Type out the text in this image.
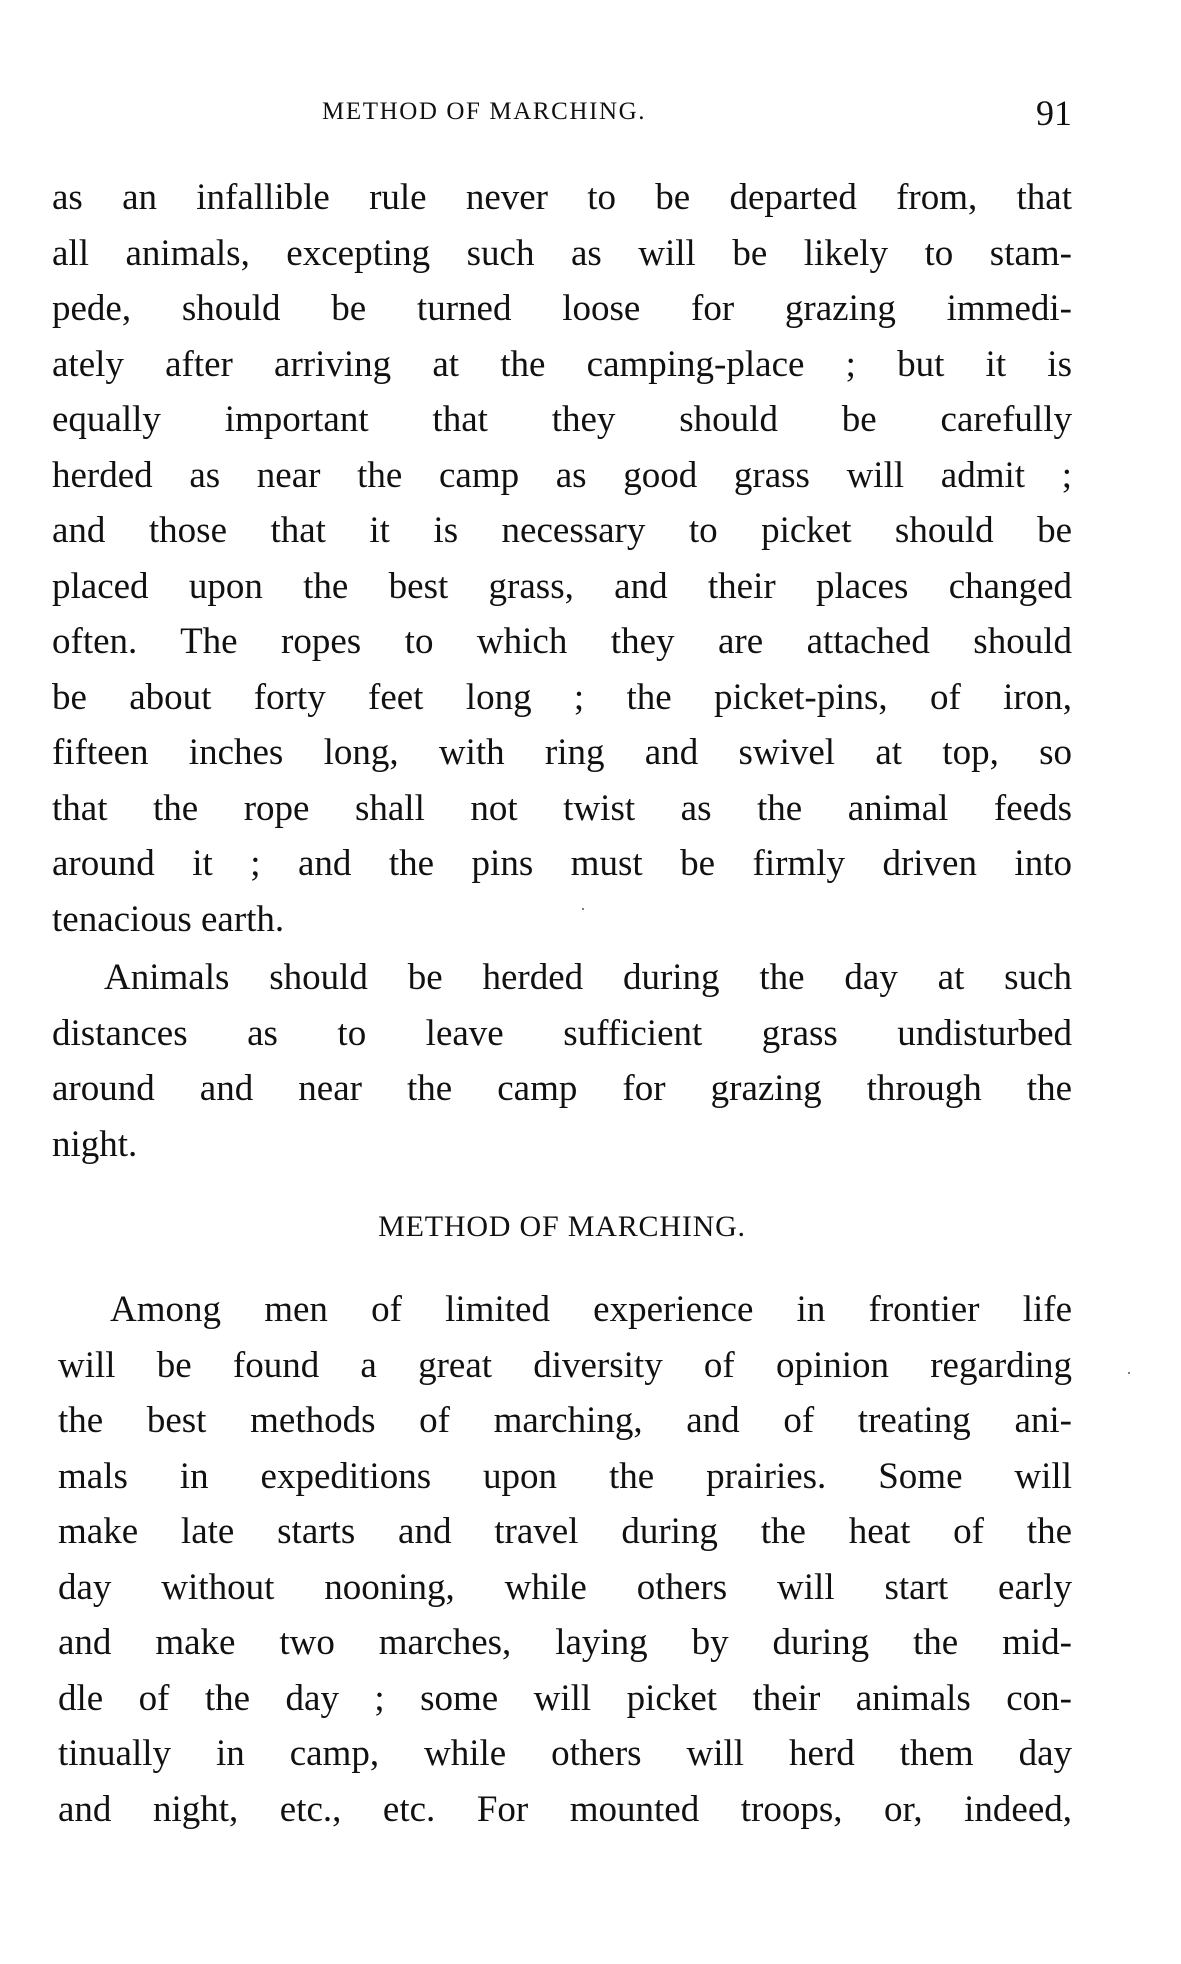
METHOD OF MARCHING.	91
as an infallible rule never to be departed from, that
all animals, excepting such as will be likely to stam-
pede, should be turned loose for grazing immedi-
ately after arriving at the camping-place ; but it is
equally important that they should be carefully
herded as near the camp as good grass will admit ;
and those that it is necessary to picket should be
placed upon the best grass, and their places changed
often. The ropes to which they are attached should
be about forty feet long ; the picket-pins, of iron,
fifteen inches long, with ring and swivel at top, so
that the rope shall not twist as the animal feeds
around it ; and the pins must be firmly driven into
tenacious earth.
Animals should be herded during the day at such
distances as to leave sufficient grass undisturbed
around and near the camp for grazing through the
night.
METHOD OF MARCHING.
Among men of limited experience in frontier life
will be found a great diversity of opinion regarding
the best methods of marching, and of treating ani-
mals in expeditions upon the prairies. Some will
make late starts and travel during the heat of the
day without nooning, while others will start early
and make two marches, laying by during the mid-
dle of the day ; some will picket their animals con-
tinually in camp, while others will herd them day
and night, etc., etc. For mounted troops, or, indeed,
